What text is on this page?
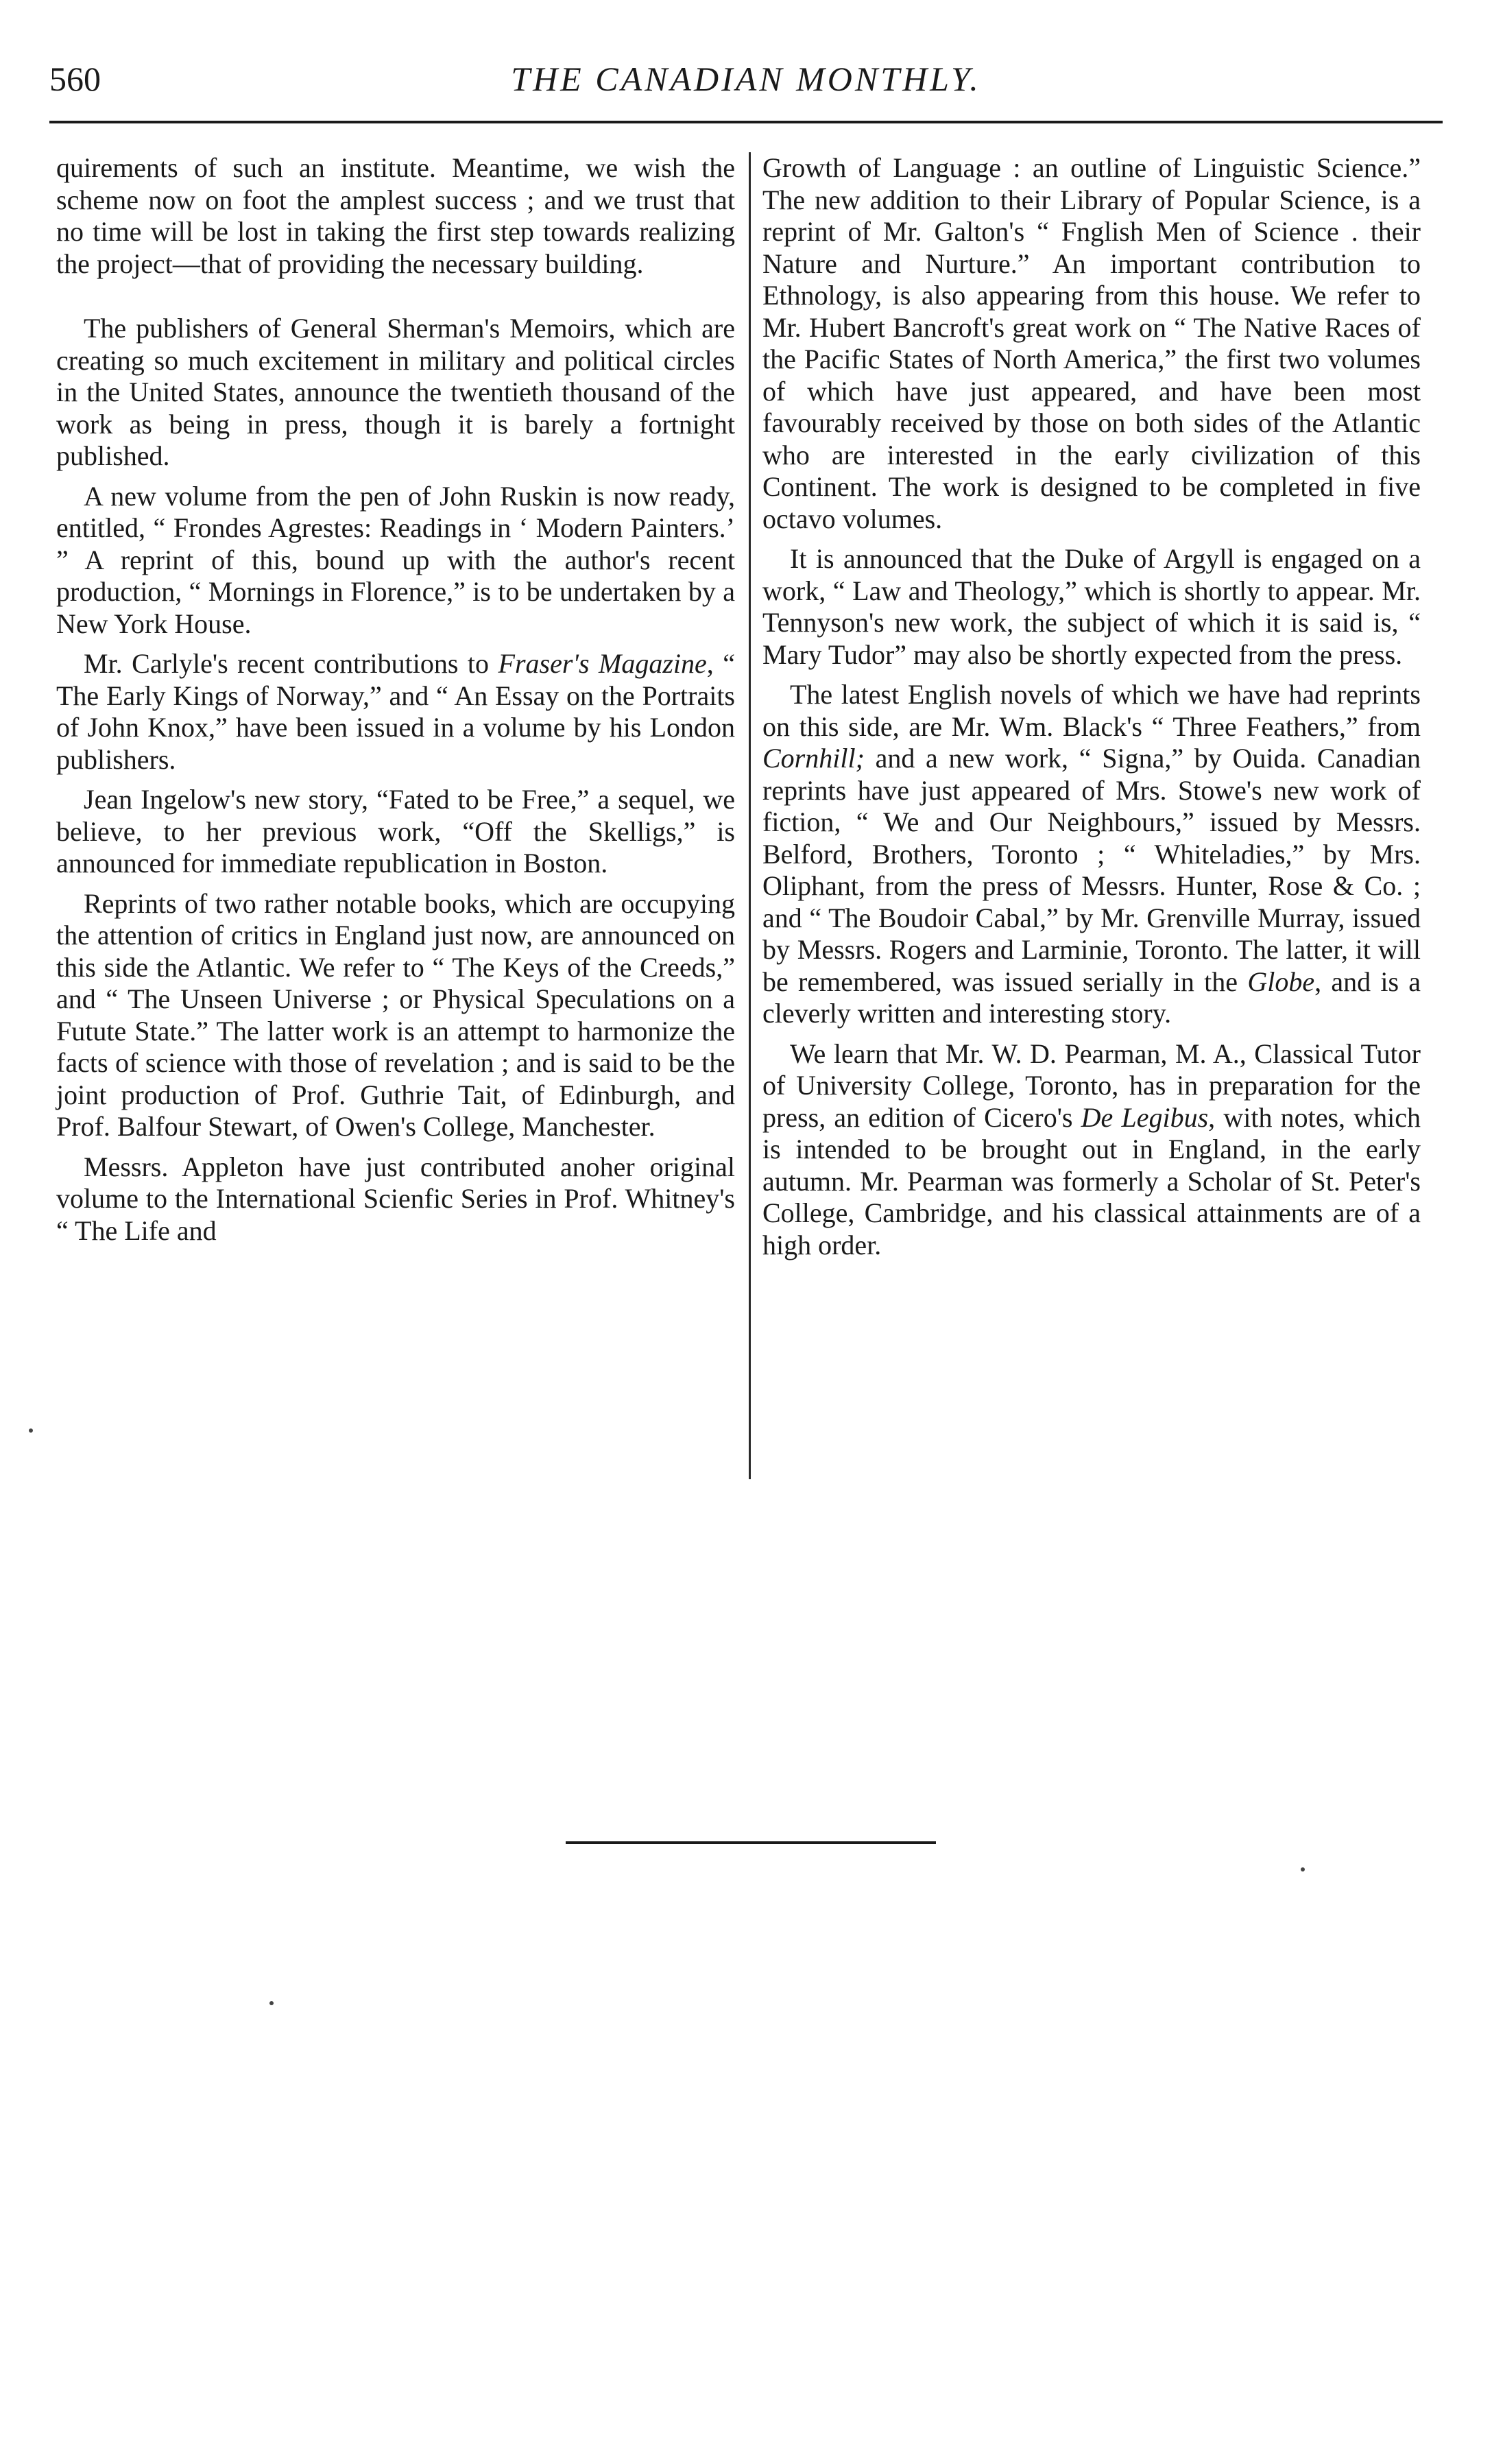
560	THE CANADIAN MONTHLY.

quirements of such an institute. Meantime, we wish the scheme now on foot the amplest success ; and we trust that no time will be lost in taking the first step towards realizing the project—that of providing the necessary building.

The publishers of General Sherman's Memoirs, which are creating so much excitement in military and political circles in the United States, announce the twentieth thousand of the work as being in press, though it is barely a fortnight published.

A new volume from the pen of John Ruskin is now ready, entitled, “ Frondes Agrestes: Readings in ‘ Modern Painters.’ ” A reprint of this, bound up with the author's recent production, “ Mornings in Florence,” is to be undertaken by a New York House.

Mr. Carlyle's recent contributions to Fraser's Magazine, “ The Early Kings of Norway,” and “ An Essay on the Portraits of John Knox,” have been issued in a volume by his London publishers.

Jean Ingelow's new story, “Fated to be Free,” a sequel, we believe, to her previous work, “Off the Skelligs,” is announced for immediate republication in Boston.

Reprints of two rather notable books, which are occupying the attention of critics in England just now, are announced on this side the Atlantic. We refer to “ The Keys of the Creeds,” and “ The Unseen Universe ; or Physical Speculations on a Futute State.” The latter work is an attempt to harmonize the facts of science with those of revelation ; and is said to be the joint production of Prof. Guthrie Tait, of Edinburgh, and Prof. Balfour Stewart, of Owen's College, Manchester.

Messrs. Appleton have just contributed anoher original volume to the International Scienfic Series in Prof. Whitney's “ The Life and

Growth of Language : an outline of Linguistic Science.” The new addition to their Library of Popular Science, is a reprint of Mr. Galton's “ Fnglish Men of Science . their Nature and Nurture.” An important contribution to Ethnology, is also appearing from this house. We refer to Mr. Hubert Bancroft's great work on “ The Native Races of the Pacific States of North America,” the first two volumes of which have just appeared, and have been most favourably received by those on both sides of the Atlantic who are interested in the early civilization of this Continent. The work is designed to be completed in five octavo volumes.

It is announced that the Duke of Argyll is engaged on a work, “ Law and Theology,” which is shortly to appear. Mr. Tennyson's new work, the subject of which it is said is, “ Mary Tudor” may also be shortly expected from the press.

The latest English novels of which we have had reprints on this side, are Mr. Wm. Black's “ Three Feathers,” from Cornhill; and a new work, “ Signa,” by Ouida. Canadian reprints have just appeared of Mrs. Stowe's new work of fiction, “ We and Our Neighbours,” issued by Messrs. Belford, Brothers, Toronto ; “ Whiteladies,” by Mrs. Oliphant, from the press of Messrs. Hunter, Rose & Co. ; and “ The Boudoir Cabal,” by Mr. Grenville Murray, issued by Messrs. Rogers and Larminie, Toronto. The latter, it will be remembered, was issued serially in the Globe, and is a cleverly written and interesting story.

We learn that Mr. W. D. Pearman, M. A., Classical Tutor of University College, Toronto, has in preparation for the press, an edition of Cicero's De Legibus, with notes, which is intended to be brought out in England, in the early autumn. Mr. Pearman was formerly a Scholar of St. Peter's College, Cambridge, and his classical attainments are of a high order.
